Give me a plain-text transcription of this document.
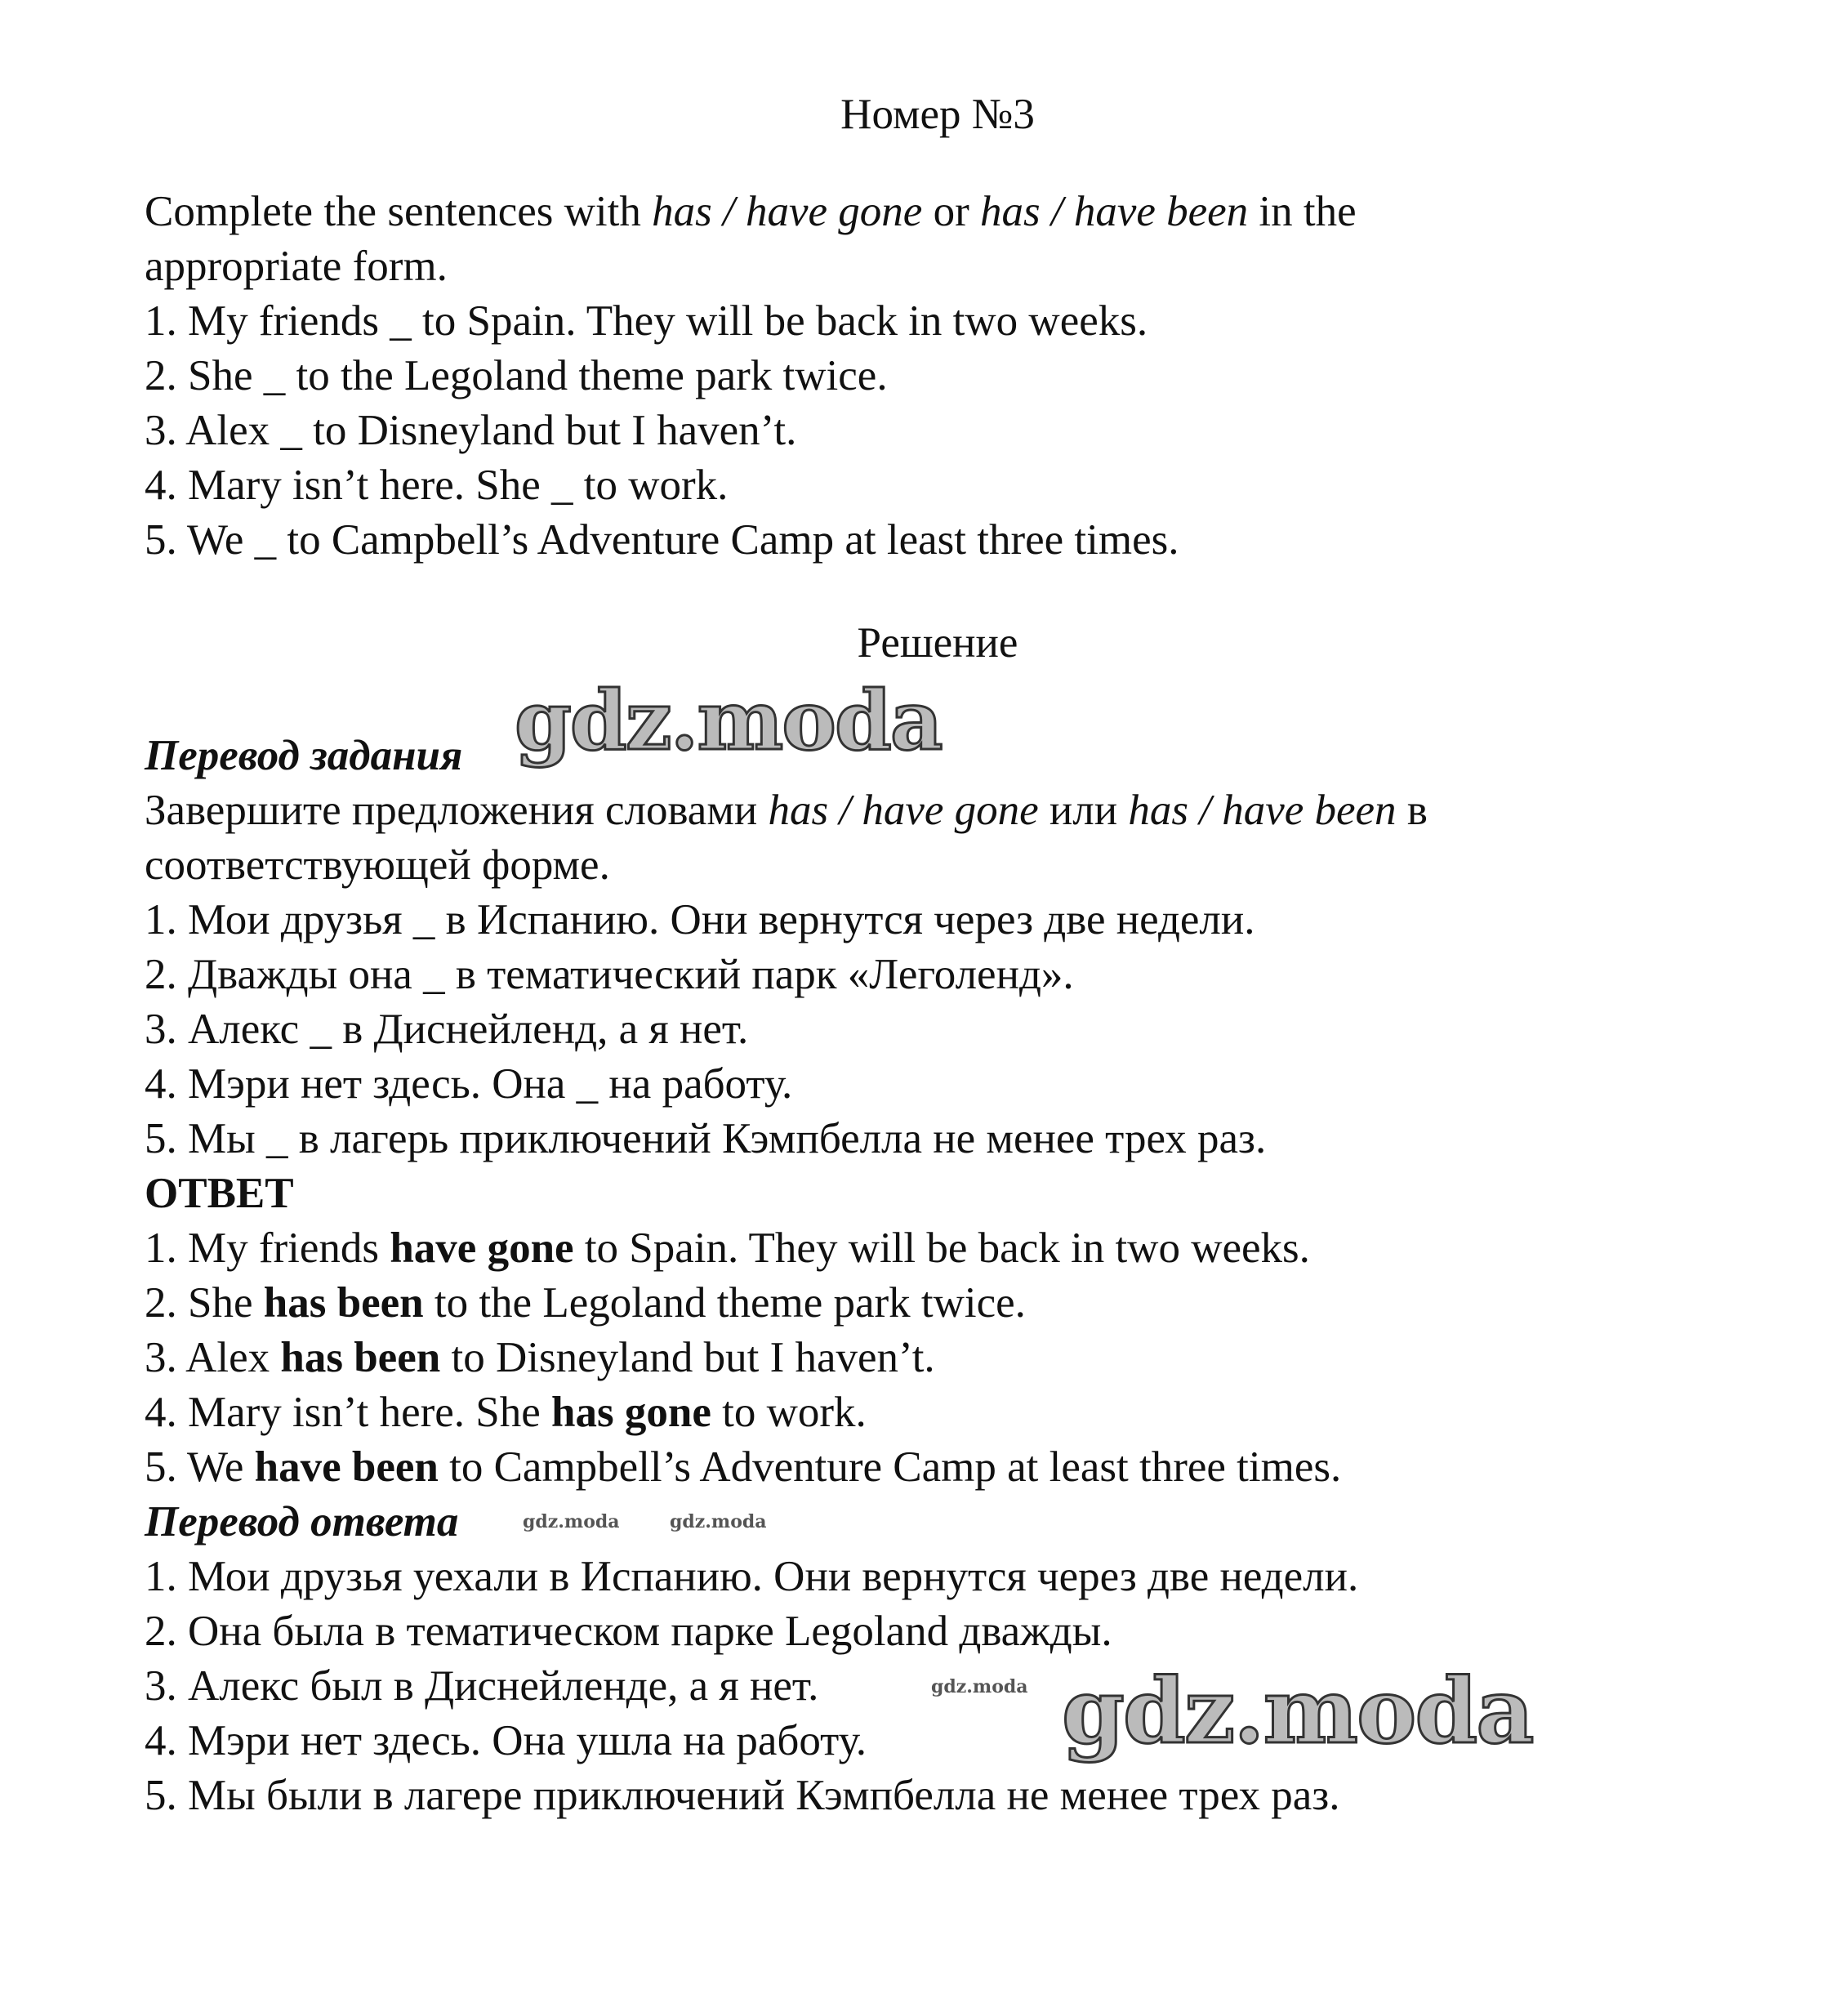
Номер №3
Complete the sentences with has / have gone or has / have been in the
appropriate form.
1. My friends _ to Spain. They will be back in two weeks.
2. She _ to the Legoland theme park twice.
3. Alex _ to Disneyland but I haven’t.
4. Mary isn’t here. She _ to work.
5. We _ to Campbell’s Adventure Camp at least three times.
Решение
Перевод задания
Завершите предложения словами has / have gone или has / have been в
соответствующей форме.
1. Мои друзья _ в Испанию. Они вернутся через две недели.
2. Дважды она _ в тематический парк «Леголенд».
3. Алекс _ в Диснейленд, а я нет.
4. Мэри нет здесь. Она _ на работу.
5. Мы _ в лагерь приключений Кэмпбелла не менее трех раз.
ОТВЕТ
1. My friends have gone to Spain. They will be back in two weeks.
2. She has been to the Legoland theme park twice.
3. Alex has been to Disneyland but I haven’t.
4. Mary isn’t here. She has gone to work.
5. We have been to Campbell’s Adventure Camp at least three times.
Перевод ответа
1. Мои друзья уехали в Испанию. Они вернутся через две недели.
2. Она была в тематическом парке Legoland дважды.
3. Алекс был в Диснейленде, а я нет.
4. Мэри нет здесь. Она ушла на работу.
5. Мы были в лагере приключений Кэмпбелла не менее трех раз.
gdz.moda
gdz.moda
gdz.moda	gdz.moda
gdz.moda
